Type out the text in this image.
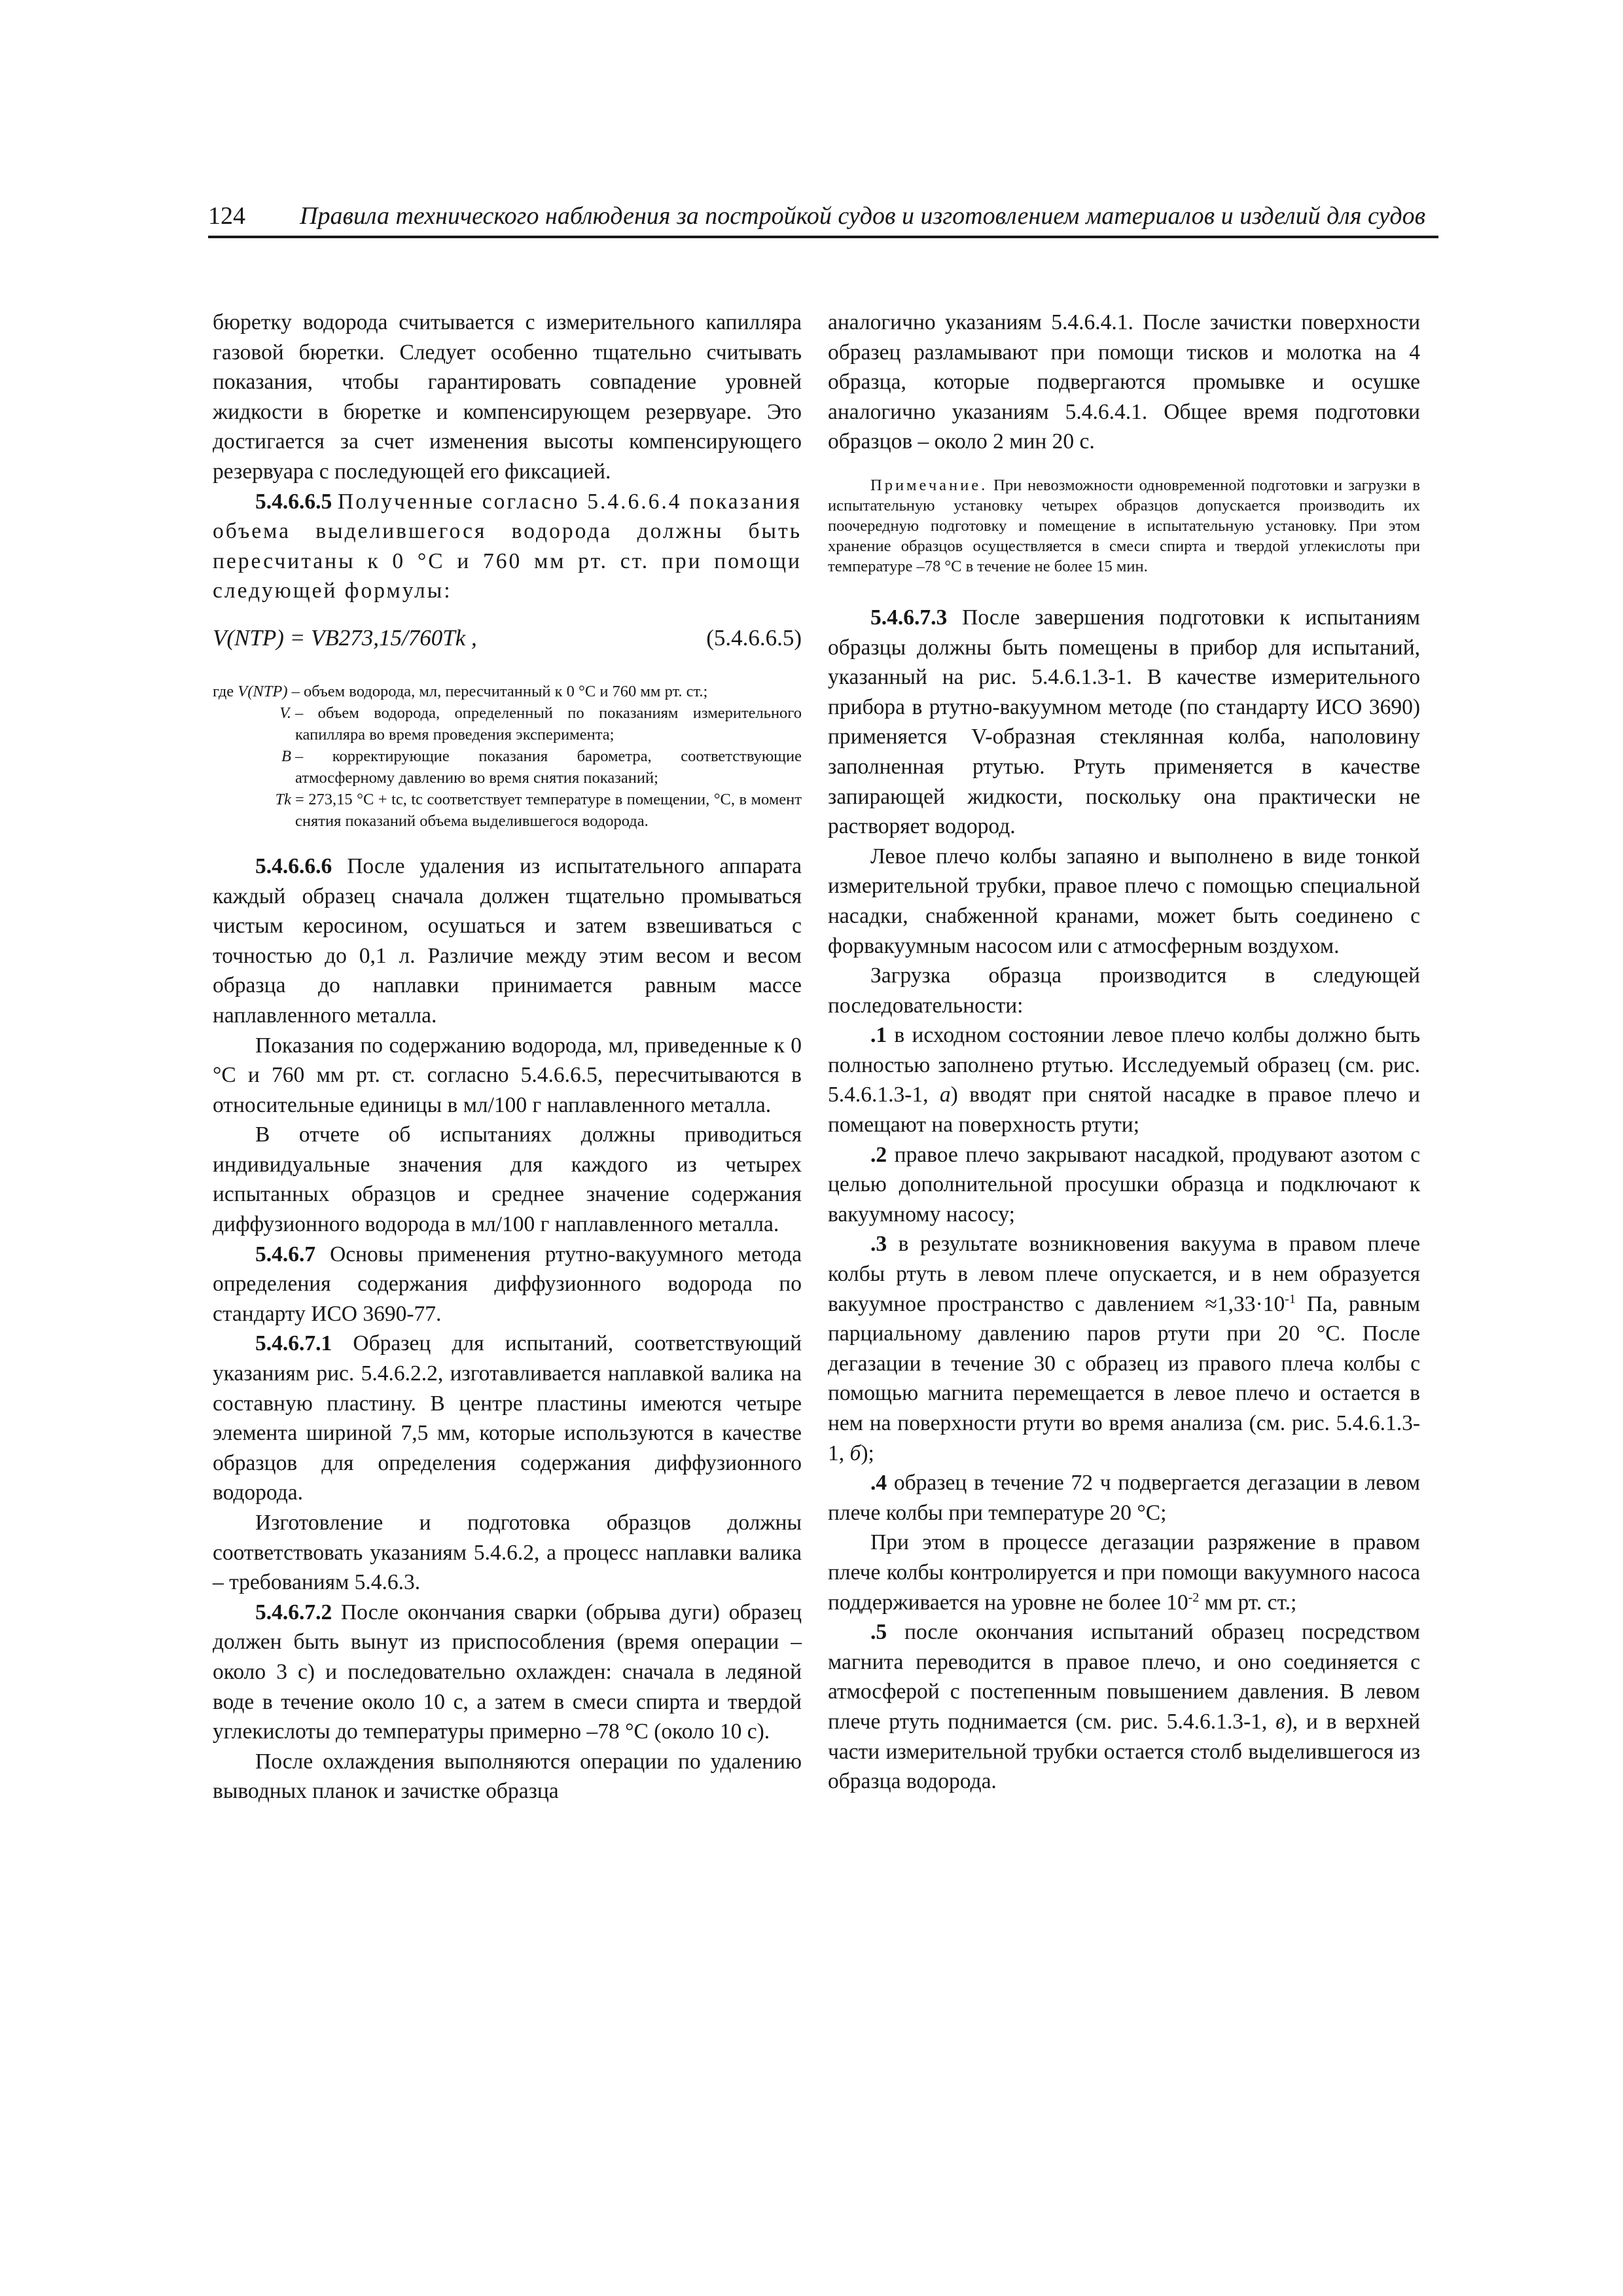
124 Правила технического наблюдения за постройкой судов и изготовлением материалов и изделий для судов

бюретку водорода считывается с измерительного капилляра газовой бюретки. Следует особенно тщательно считывать показания, чтобы гарантировать совпадение уровней жидкости в бюретке и компенсирующем резервуаре. Это достигается за счет изменения высоты компенсирующего резервуара с последующей его фиксацией.

5.4.6.6.5 Полученные согласно 5.4.6.6.4 показания объема выделившегося водорода должны быть пересчитаны к 0 °С и 760 мм рт. ст. при помощи следующей формулы:

V(NTP) = VB273,15/760Tk ,	(5.4.6.6.5)
где
V(NTP)
– объем водорода, мл, пересчитанный к 0 °С и 760 мм рт. ст.;
V. – объем водорода, определенный по показаниям измерительного капилляра во время проведения эксперимента;
B – корректирующие показания барометра, соответствующие атмосферному давлению во время снятия показаний;
Tk = 273,15 °С + tc, tc соответствует температуре в помещении, °С, в момент снятия показаний объема выделившегося водорода.

5.4.6.6.6 После удаления из испытательного аппарата каждый образец сначала должен тщательно промываться чистым керосином, осушаться и затем взвешиваться с точностью до 0,1 л. Различие между этим весом и весом образца до наплавки принимается равным массе наплавленного металла.

Показания по содержанию водорода, мл, приведенные к 0 °С и 760 мм рт. ст. согласно 5.4.6.6.5, пересчитываются в относительные единицы в мл/100 г наплавленного металла.

В отчете об испытаниях должны приводиться индивидуальные значения для каждого из четырех испытанных образцов и среднее значение содержания диффузионного водорода в мл/100 г наплавленного металла.

5.4.6.7 Основы применения ртутно-вакуумного метода определения содержания диффузионного водорода по стандарту ИСО 3690-77.

5.4.6.7.1 Образец для испытаний, соответствующий указаниям рис. 5.4.6.2.2, изготавливается наплавкой валика на составную пластину. В центре пластины имеются четыре элемента шириной 7,5 мм, которые используются в качестве образцов для определения содержания диффузионного водорода.

Изготовление и подготовка образцов должны соответствовать указаниям 5.4.6.2, а процесс наплавки валика – требованиям 5.4.6.3.

5.4.6.7.2 После окончания сварки (обрыва дуги) образец должен быть вынут из приспособления (время операции – около 3 с) и последовательно охлажден: сначала в ледяной воде в течение около 10 с, а затем в смеси спирта и твердой углекислоты до температуры примерно –78 °С (около 10 с).

После охлаждения выполняются операции по удалению выводных планок и зачистке образца

аналогично указаниям 5.4.6.4.1. После зачистки поверхности образец разламывают при помощи тисков и молотка на 4 образца, которые подвергаются промывке и осушке аналогично указаниям 5.4.6.4.1. Общее время подготовки образцов – около 2 мин 20 с.

Примечание. При невозможности одновременной подготовки и загрузки в испытательную установку четырех образцов допускается производить их поочередную подготовку и помещение в испытательную установку. При этом хранение образцов осуществляется в смеси спирта и твердой углекислоты при температуре –78 °С в течение не более 15 мин.

5.4.6.7.3 После завершения подготовки к испытаниям образцы должны быть помещены в прибор для испытаний, указанный на рис. 5.4.6.1.3-1. В качестве измерительного прибора в ртутно-вакуумном методе (по стандарту ИСО 3690) применяется V-образная стеклянная колба, наполовину заполненная ртутью. Ртуть применяется в качестве запирающей жидкости, поскольку она практически не растворяет водород.

Левое плечо колбы запаяно и выполнено в виде тонкой измерительной трубки, правое плечо с помощью специальной насадки, снабженной кранами, может быть соединено с форвакуумным насосом или с атмосферным воздухом.

Загрузка образца производится в следующей последовательности:

.1 в исходном состоянии левое плечо колбы должно быть полностью заполнено ртутью. Исследуемый образец (см. рис. 5.4.6.1.3-1, а) вводят при снятой насадке в правое плечо и помещают на поверхность ртути;

.2 правое плечо закрывают насадкой, продувают азотом с целью дополнительной просушки образца и подключают к вакуумному насосу;

.3 в результате возникновения вакуума в правом плече колбы ртуть в левом плече опускается, и в нем образуется вакуумное пространство с давлением $\approx 1,33\cdot 10^{-1}$ Па, равным парциальному давлению паров ртути при 20 °С. После дегазации в течение 30 с образец из правого плеча колбы с помощью магнита перемещается в левое плечо и остается в нем на поверхности ртути во время анализа (см. рис. 5.4.6.1.3-1, б);

.4 образец в течение 72 ч подвергается дегазации в левом плече колбы при температуре 20 °С;

При этом в процессе дегазации разряжение в правом плече колбы контролируется и при помощи вакуумного насоса поддерживается на уровне не более $10^{-2}$ мм рт. ст.;

.5 после окончания испытаний образец посредством магнита переводится в правое плечо, и оно соединяется с атмосферой с постепенным повышением давления. В левом плече ртуть поднимается (см. рис. 5.4.6.1.3-1, в), и в верхней части измерительной трубки остается столб выделившегося из образца водорода.
